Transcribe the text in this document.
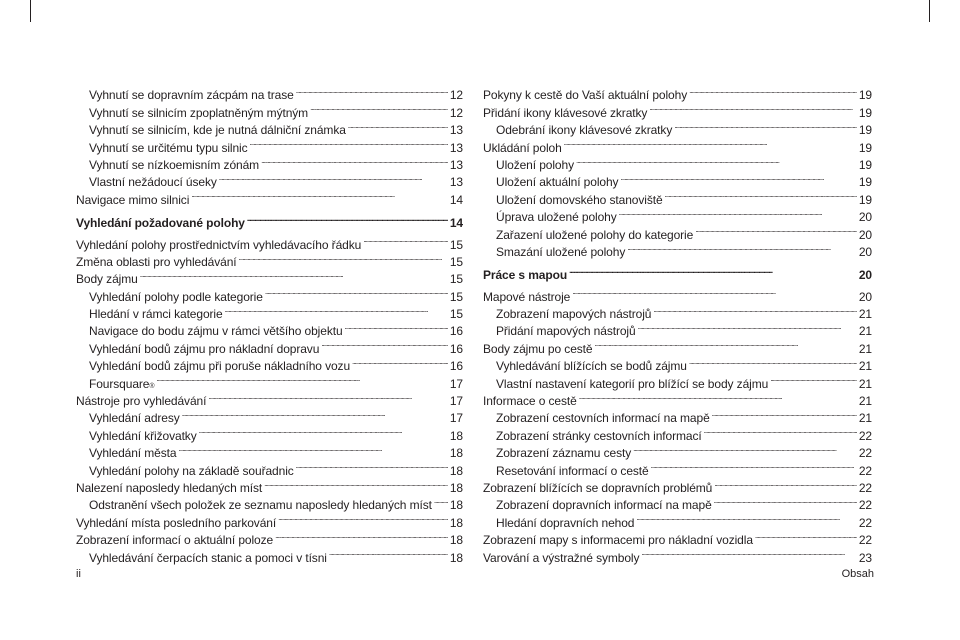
Vyhnutí se dopravním zácpám na trase . . .	12
Vyhnutí se silnicím zpoplatněným mýtným . . .	12
Vyhnutí se silnicím, kde je nutná dálniční známka . . .	13
Vyhnutí se určitému typu silnic . . .	13
Vyhnutí se nízkoemisním zónám . . .	13
Vlastní nežádoucí úseky . . .	13
Navigace mimo silnici . . .	14
Vyhledání požadované polohy . . .	14
Vyhledání polohy prostřednictvím vyhledávacího řádku . . .	15
Změna oblasti pro vyhledávání . . .	15
Body zájmu . . .	15
Vyhledání polohy podle kategorie . . .	15
Hledání v rámci kategorie . . .	15
Navigace do bodu zájmu v rámci většího objektu . . .	16
Vyhledání bodů zájmu pro nákladní dopravu . . .	16
Vyhledání bodů zájmu při poruše nákladního vozu . . .	16
Foursquare ® . . .	17
Nástroje pro vyhledávání . . .	17
Vyhledání adresy . . .	17
Vyhledání křižovatky . . .	18
Vyhledání města . . .	18
Vyhledání polohy na základě souřadnic . . .	18
Nalezení naposledy hledaných míst . . .	18
Odstranění všech položek ze seznamu naposledy hledaných míst . . . 18
Vyhledání místa posledního parkování . . .	18
Zobrazení informací o aktuální poloze . . .	18
Vyhledávání čerpacích stanic a pomoci v tísni . . .	18
Pokyny k cestě do Vaší aktuální polohy . . .	19
Přidání ikony klávesové zkratky . . .	19
Odebrání ikony klávesové zkratky . . .	19
Ukládání poloh . . .	19
Uložení polohy . . .	19
Uložení aktuální polohy . . .	19
Uložení domovského stanoviště . . .	19
Úprava uložené polohy . . .	20
Zařazení uložené polohy do kategorie . . .	20
Smazání uložené polohy . . .	20
Práce s mapou . . .	20
Mapové nástroje . . .	20
Zobrazení mapových nástrojů . . .	21
Přidání mapových nástrojů . . .	21
Body zájmu po cestě . . .	21
Vyhledávání blížících se bodů zájmu . . .	21
Vlastní nastavení kategorií pro blížící se body zájmu . . .	21
Informace o cestě . . .	21
Zobrazení cestovních informací na mapě . . .	21
Zobrazení stránky cestovních informací . . .	22
Zobrazení záznamu cesty . . .	22
Resetování informací o cestě . . .	22
Zobrazení blížících se dopravních problémů . . .	22
Zobrazení dopravních informací na mapě . . .	22
Hledání dopravních nehod . . .	22
Zobrazení mapy s informacemi pro nákladní vozidla . . .	22
Varování a výstražné symboly . . .	23
ii	Obsah
